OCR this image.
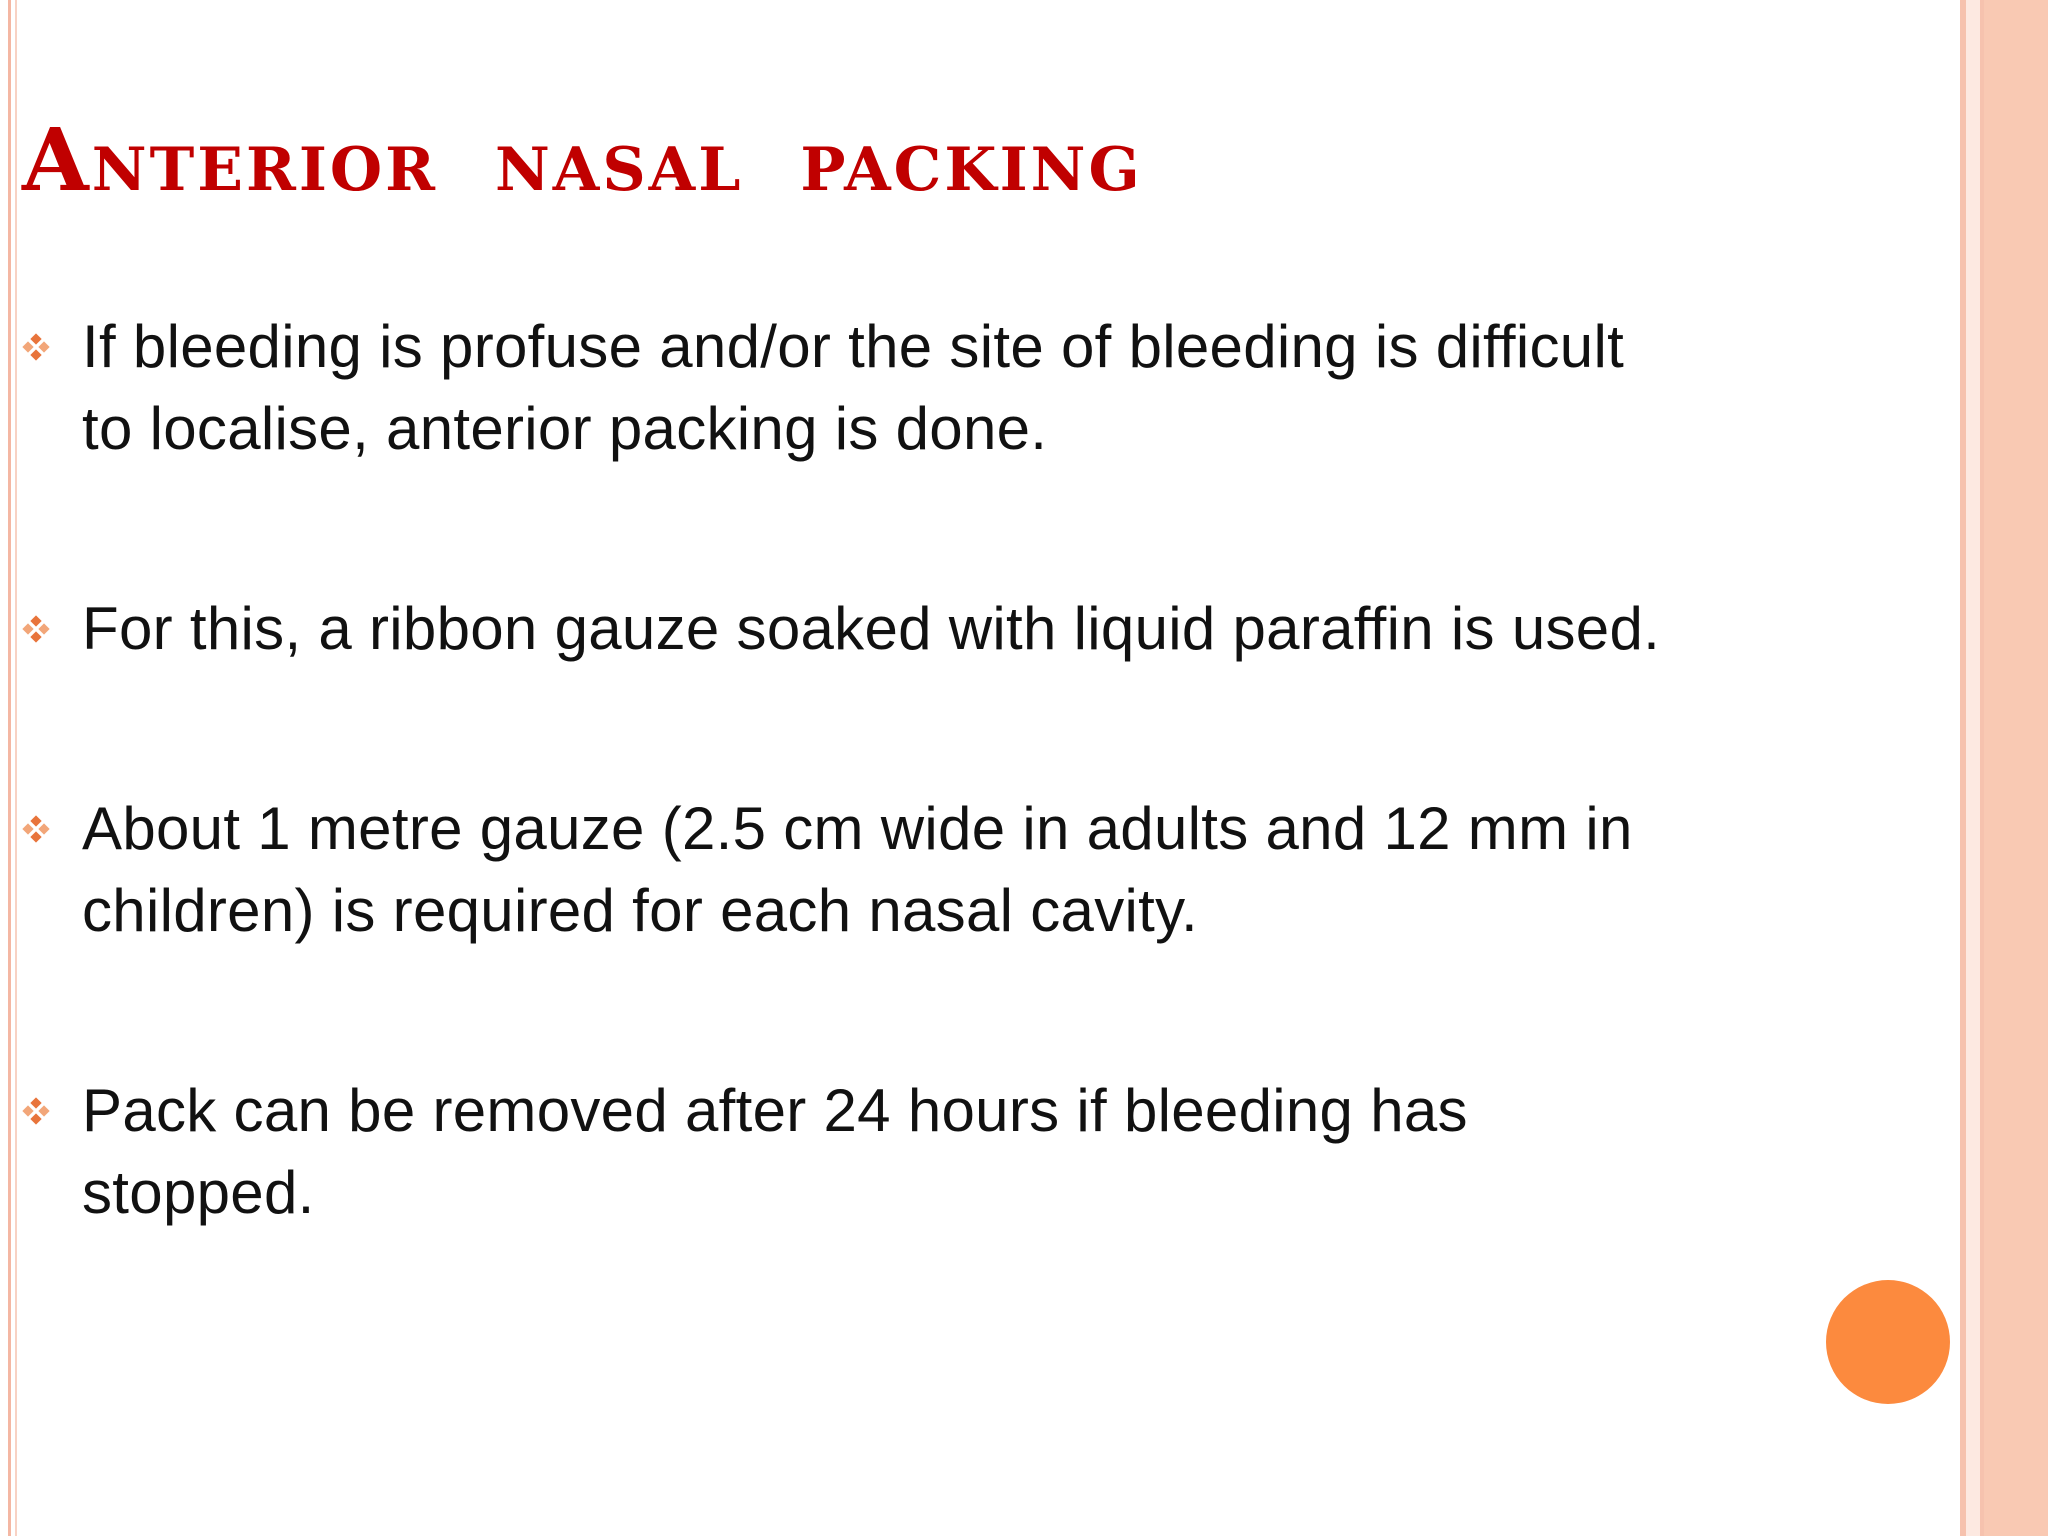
Anterior nasal packing
If bleeding is profuse and/or the site of bleeding is difficult
to localise, anterior packing is done.
For this, a ribbon gauze soaked with liquid paraffin is used.
About 1 metre gauze (2.5 cm wide in adults and 12 mm in
children) is required for each nasal cavity.
Pack can be removed after 24 hours if bleeding has
stopped.
